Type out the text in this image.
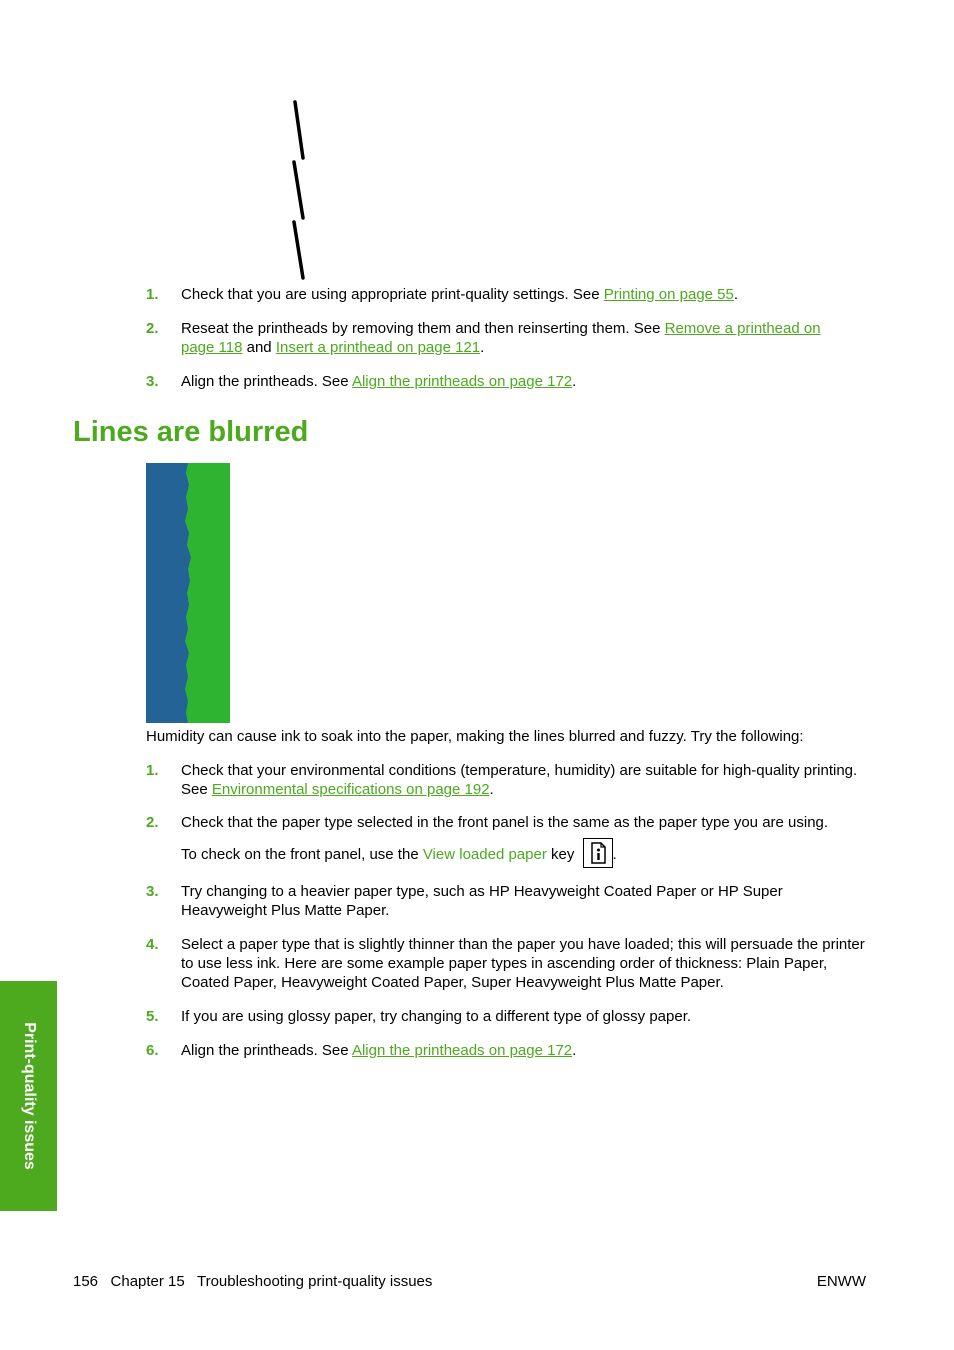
1. Check that you are using appropriate print-quality settings. See Printing on page 55.
2. Reseat the printheads by removing them and then reinserting them. See Remove a printhead on page 118 and Insert a printhead on page 121.
3. Align the printheads. See Align the printheads on page 172.
Lines are blurred
Humidity can cause ink to soak into the paper, making the lines blurred and fuzzy. Try the following:
1. Check that your environmental conditions (temperature, humidity) are suitable for high-quality printing. See Environmental specifications on page 192.
2. Check that the paper type selected in the front panel is the same as the paper type you are using.
To check on the front panel, use the View loaded paper key .
3. Try changing to a heavier paper type, such as HP Heavyweight Coated Paper or HP Super Heavyweight Plus Matte Paper.
4. Select a paper type that is slightly thinner than the paper you have loaded; this will persuade the printer to use less ink. Here are some example paper types in ascending order of thickness: Plain Paper, Coated Paper, Heavyweight Coated Paper, Super Heavyweight Plus Matte Paper.
5. If you are using glossy paper, try changing to a different type of glossy paper.
6. Align the printheads. See Align the printheads on page 172.
Print-quality issues
156   Chapter 15   Troubleshooting print-quality issues	ENWW
